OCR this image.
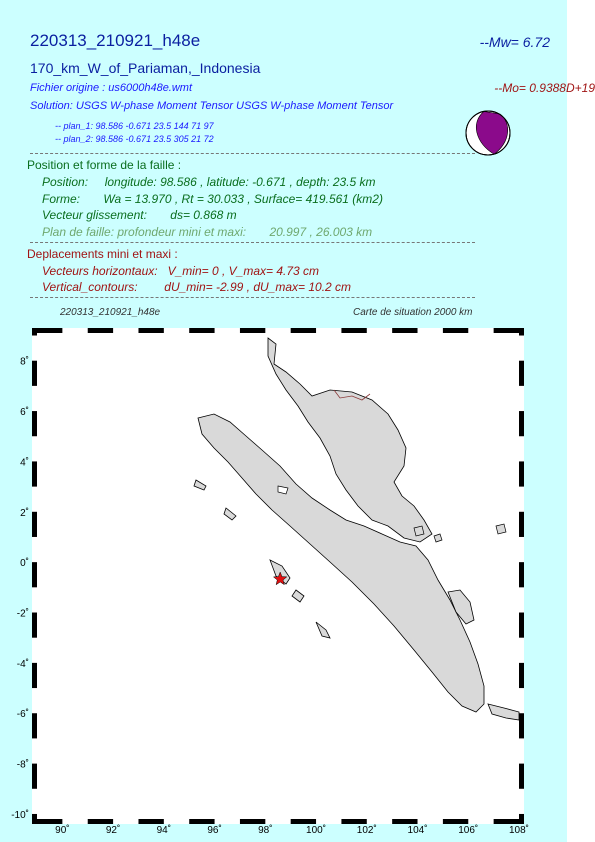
220313_210921_h48e	--Mw= 6.72
170_km_W_of_Pariaman,_Indonesia
Fichier origine : us6000h48e.wmt	--Mo= 0.9388D+19
Solution: USGS W-phase Moment Tensor USGS W-phase Moment Tensor
-- plan_1: 98.586 -0.671 23.5 144 71 97
-- plan_2: 98.586 -0.671 23.5 305 21 72
Position et forme de la faille :
Position:     longitude: 98.586 , latitude: -0.671 , depth: 23.5 km
Forme:       Wa = 13.970 , Rt = 30.033 , Surface= 419.561 (km2)
Vecteur glissement:       ds= 0.868 m
Plan de faille: profondeur mini et maxi:       20.997 , 26.003 km
Deplacements mini et maxi :
Vecteurs horizontaux:   V_min= 0 , V_max= 4.73 cm
Vertical_contours:        dU_min= -2.99 , dU_max= 10.2 cm
220313_210921_h48e	Carte de situation 2000 km
90˚	92˚	94˚	96˚	98˚	100˚	102˚	104˚	106˚	108˚
8˚
6˚
4˚
2˚
0˚
-2˚
-4˚
-6˚
-8˚
-10˚
